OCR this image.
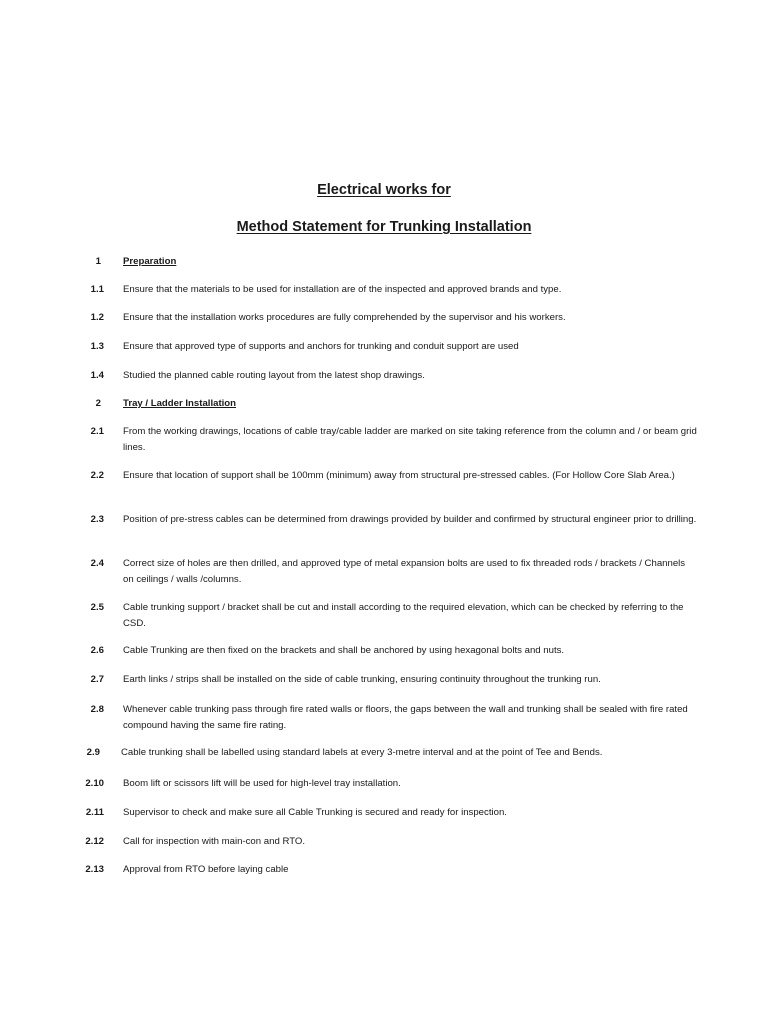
Electrical works for
Method Statement for Trunking Installation
1 Preparation
1.1 Ensure that the materials to be used for installation are of the inspected and approved brands and type.
1.2 Ensure that the installation works procedures are fully comprehended by the supervisor and his workers.
1.3 Ensure that approved type of supports and anchors for trunking and conduit support are used
1.4 Studied the planned cable routing layout from the latest shop drawings.
2 Tray / Ladder Installation
2.1 From the working drawings, locations of cable tray/cable ladder are marked on site taking reference from the column and / or beam grid lines.
2.2 Ensure that location of support shall be 100mm (minimum) away from structural pre-stressed cables. (For Hollow Core Slab Area.)
2.3 Position of pre-stress cables can be determined from drawings provided by builder and confirmed by structural engineer prior to drilling.
2.4 Correct size of holes are then drilled, and approved type of metal expansion bolts are used to fix threaded rods / brackets / Channels on ceilings / walls /columns.
2.5 Cable trunking support / bracket shall be cut and install according to the required elevation, which can be checked by referring to the CSD.
2.6 Cable Trunking are then fixed on the brackets and shall be anchored by using hexagonal bolts and nuts.
2.7 Earth links / strips shall be installed on the side of cable trunking, ensuring continuity throughout the trunking run.
2.8 Whenever cable trunking pass through fire rated walls or floors, the gaps between the wall and trunking shall be sealed with fire rated compound having the same fire rating.
2.9 Cable trunking shall be labelled using standard labels at every 3-metre interval and at the point of Tee and Bends.
2.10 Boom lift or scissors lift will be used for high-level tray installation.
2.11 Supervisor to check and make sure all Cable Trunking is secured and ready for inspection.
2.12 Call for inspection with main-con and RTO.
2.13 Approval from RTO before laying cable
